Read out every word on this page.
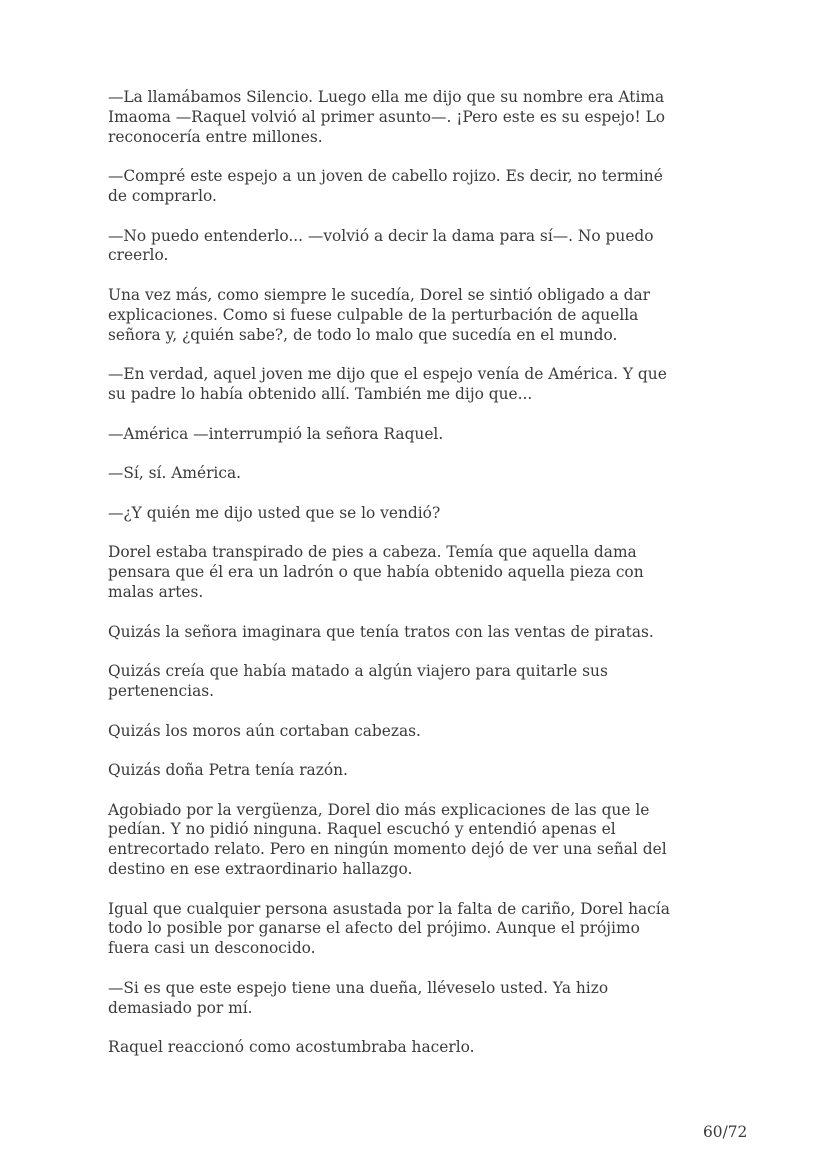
—La llamábamos Silencio. Luego ella me dijo que su nombre era Atima
Imaoma —Raquel volvió al primer asunto—. ¡Pero este es su espejo! Lo
reconocería entre millones.

—Compré este espejo a un joven de cabello rojizo. Es decir, no terminé
de comprarlo.

—No puedo entenderlo... —volvió a decir la dama para sí—. No puedo
creerlo.

Una vez más, como siempre le sucedía, Dorel se sintió obligado a dar
explicaciones. Como si fuese culpable de la perturbación de aquella
señora y, ¿quién sabe?, de todo lo malo que sucedía en el mundo.

—En verdad, aquel joven me dijo que el espejo venía de América. Y que
su padre lo había obtenido allí. También me dijo que...

—América —interrumpió la señora Raquel.

—Sí, sí. América.

—¿Y quién me dijo usted que se lo vendió?

Dorel estaba transpirado de pies a cabeza. Temía que aquella dama
pensara que él era un ladrón o que había obtenido aquella pieza con
malas artes.

Quizás la señora imaginara que tenía tratos con las ventas de piratas.

Quizás creía que había matado a algún viajero para quitarle sus
pertenencias.

Quizás los moros aún cortaban cabezas.

Quizás doña Petra tenía razón.

Agobiado por la vergüenza, Dorel dio más explicaciones de las que le
pedían. Y no pidió ninguna. Raquel escuchó y entendió apenas el
entrecortado relato. Pero en ningún momento dejó de ver una señal del
destino en ese extraordinario hallazgo.

Igual que cualquier persona asustada por la falta de cariño, Dorel hacía
todo lo posible por ganarse el afecto del prójimo. Aunque el prójimo
fuera casi un desconocido.

—Si es que este espejo tiene una dueña, lléveselo usted. Ya hizo
demasiado por mí.

Raquel reaccionó como acostumbraba hacerlo.

60/72
